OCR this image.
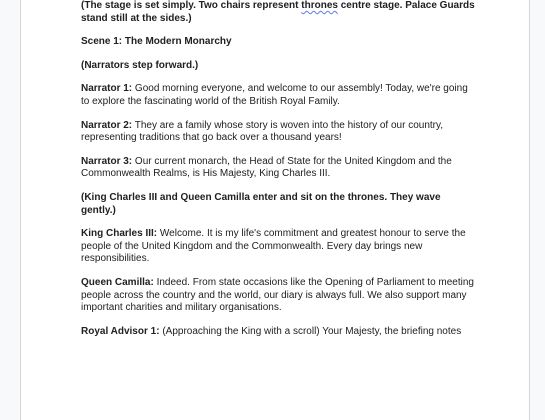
(The stage is set simply. Two chairs represent thrones centre stage. Palace Guards stand still at the sides.)

Scene 1: The Modern Monarchy

(Narrators step forward.)

Narrator 1: Good morning everyone, and welcome to our assembly! Today, we're going to explore the fascinating world of the British Royal Family.

Narrator 2: They are a family whose story is woven into the history of our country, representing traditions that go back over a thousand years!

Narrator 3: Our current monarch, the Head of State for the United Kingdom and the Commonwealth Realms, is His Majesty, King Charles III.

(King Charles III and Queen Camilla enter and sit on the thrones. They wave gently.)

King Charles III: Welcome. It is my life's commitment and greatest honour to serve the people of the United Kingdom and the Commonwealth. Every day brings new responsibilities.

Queen Camilla: Indeed. From state occasions like the Opening of Parliament to meeting people across the country and the world, our diary is always full. We also support many important charities and military organisations.

Royal Advisor 1: (Approaching the King with a scroll) Your Majesty, the briefing notes
